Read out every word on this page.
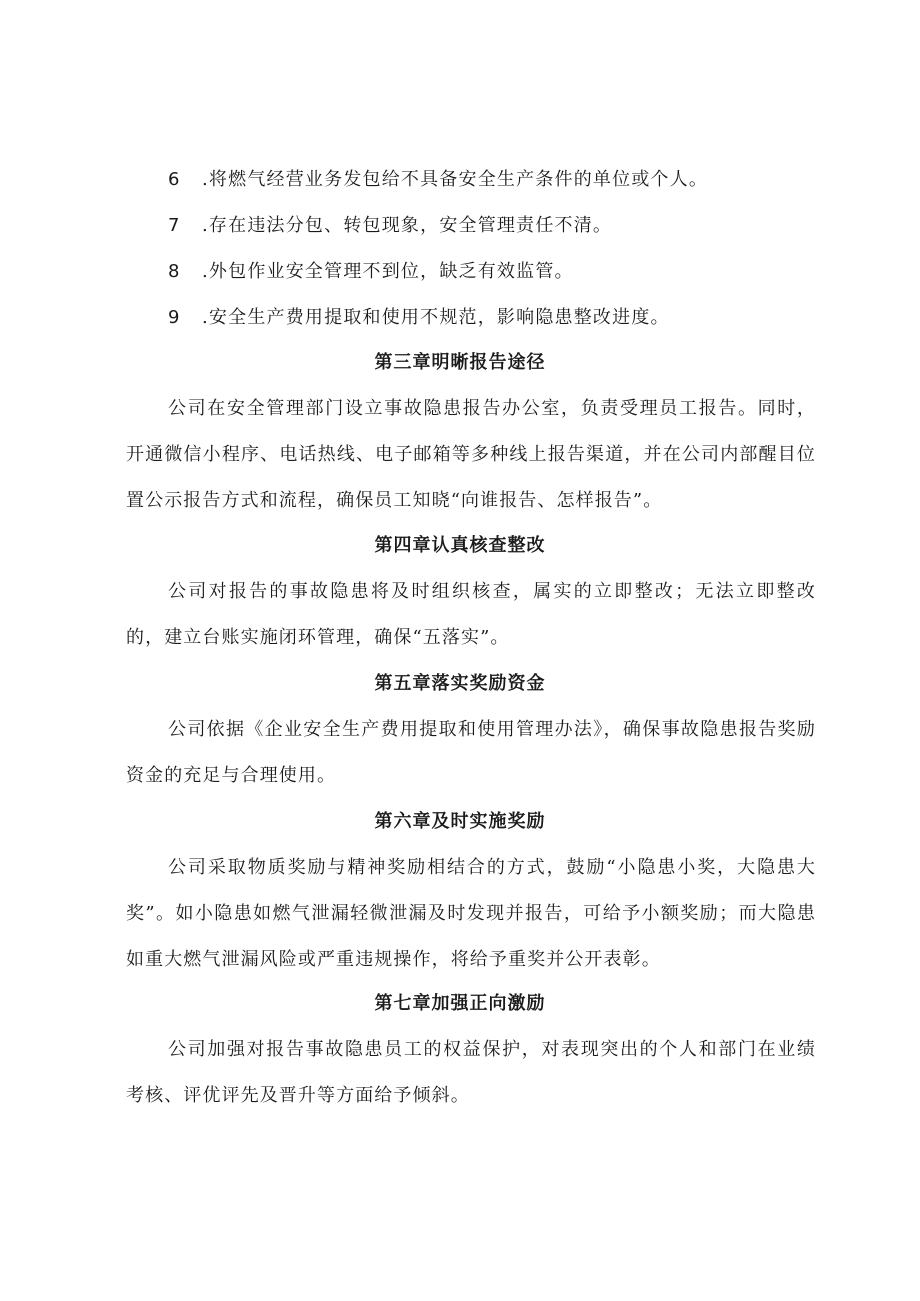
6 .将燃气经营业务发包给不具备安全生产条件的单位或个人。
7 .存在违法分包、转包现象，安全管理责任不清。
8 .外包作业安全管理不到位，缺乏有效监管。
9 .安全生产费用提取和使用不规范，影响隐患整改进度。
第三章明晰报告途径
公司在安全管理部门设立事故隐患报告办公室，负责受理员工报告。同时，开通微信小程序、电话热线、电子邮箱等多种线上报告渠道，并在公司内部醒目位置公示报告方式和流程，确保员工知晓“向谁报告、怎样报告”。
第四章认真核查整改
公司对报告的事故隐患将及时组织核查，属实的立即整改；无法立即整改的，建立台账实施闭环管理，确保“五落实”。
第五章落实奖励资金
公司依据《企业安全生产费用提取和使用管理办法》，确保事故隐患报告奖励资金的充足与合理使用。
第六章及时实施奖励
公司采取物质奖励与精神奖励相结合的方式，鼓励“小隐患小奖，大隐患大奖”。如小隐患如燃气泄漏轻微泄漏及时发现并报告，可给予小额奖励；而大隐患如重大燃气泄漏风险或严重违规操作，将给予重奖并公开表彰。
第七章加强正向激励
公司加强对报告事故隐患员工的权益保护，对表现突出的个人和部门在业绩考核、评优评先及晋升等方面给予倾斜。
